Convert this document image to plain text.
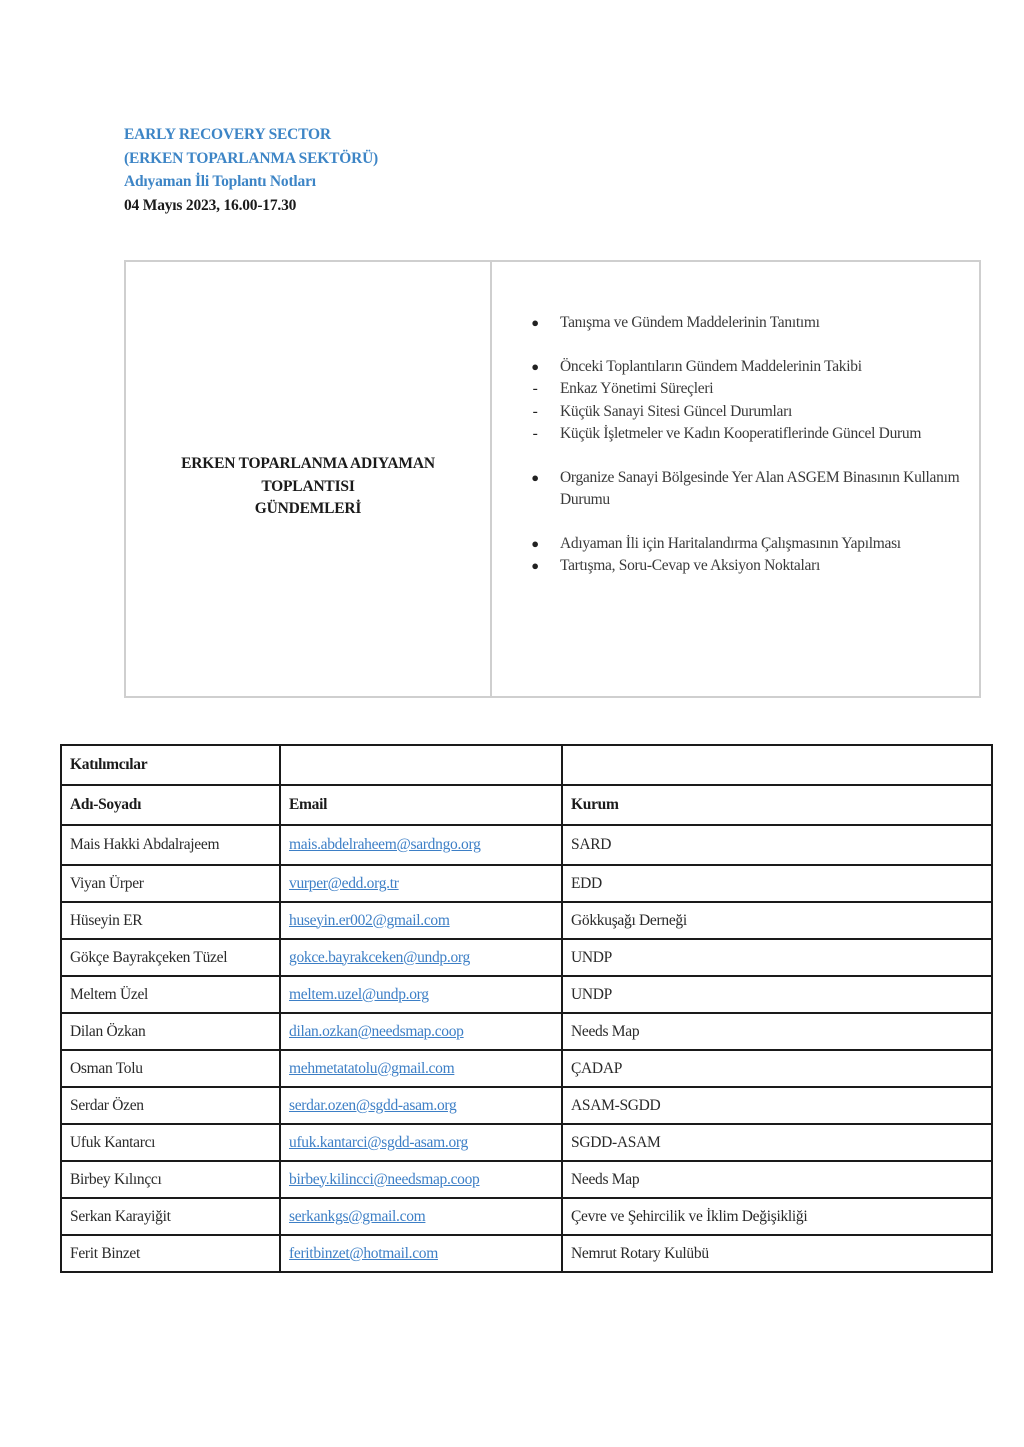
EARLY RECOVERY SECTOR
(ERKEN TOPARLANMA SEKTÖRÜ)
Adıyaman İli Toplantı Notları
04 Mayıs 2023, 16.00-17.30
ERKEN TOPARLANMA ADIYAMAN
TOPLANTISI
GÜNDEMLERİ
● Tanışma ve Gündem Maddelerinin Tanıtımı
● Önceki Toplantıların Gündem Maddelerinin Takibi
- Enkaz Yönetimi Süreçleri
- Küçük Sanayi Sitesi Güncel Durumları
- Küçük İşletmeler ve Kadın Kooperatiflerinde Güncel Durum
● Organize Sanayi Bölgesinde Yer Alan ASGEM Binasının Kullanım Durumu
● Adıyaman İli için Haritalandırma Çalışmasının Yapılması
● Tartışma, Soru-Cevap ve Aksiyon Noktaları
Katılımcılar		
Adı-Soyadı	Email	Kurum
Mais Hakki Abdalrajeem	mais.abdelraheem@sardngo.org	SARD
Viyan Ürper	vurper@edd.org.tr	EDD
Hüseyin ER	huseyin.er002@gmail.com	Gökkuşağı Derneği
Gökçe Bayrakçeken Tüzel	gokce.bayrakceken@undp.org	UNDP
Meltem Üzel	meltem.uzel@undp.org	UNDP
Dilan Özkan	dilan.ozkan@needsmap.coop	Needs Map
Osman Tolu	mehmetatatolu@gmail.com	ÇADAP
Serdar Özen	serdar.ozen@sgdd-asam.org	ASAM-SGDD
Ufuk Kantarcı	ufuk.kantarci@sgdd-asam.org	SGDD-ASAM
Birbey Kılınçcı	birbey.kilincci@needsmap.coop	Needs Map
Serkan Karayiğit	serkankgs@gmail.com	Çevre ve Şehircilik ve İklim Değişikliği
Ferit Binzet	feritbinzet@hotmail.com	Nemrut Rotary Kulübü
